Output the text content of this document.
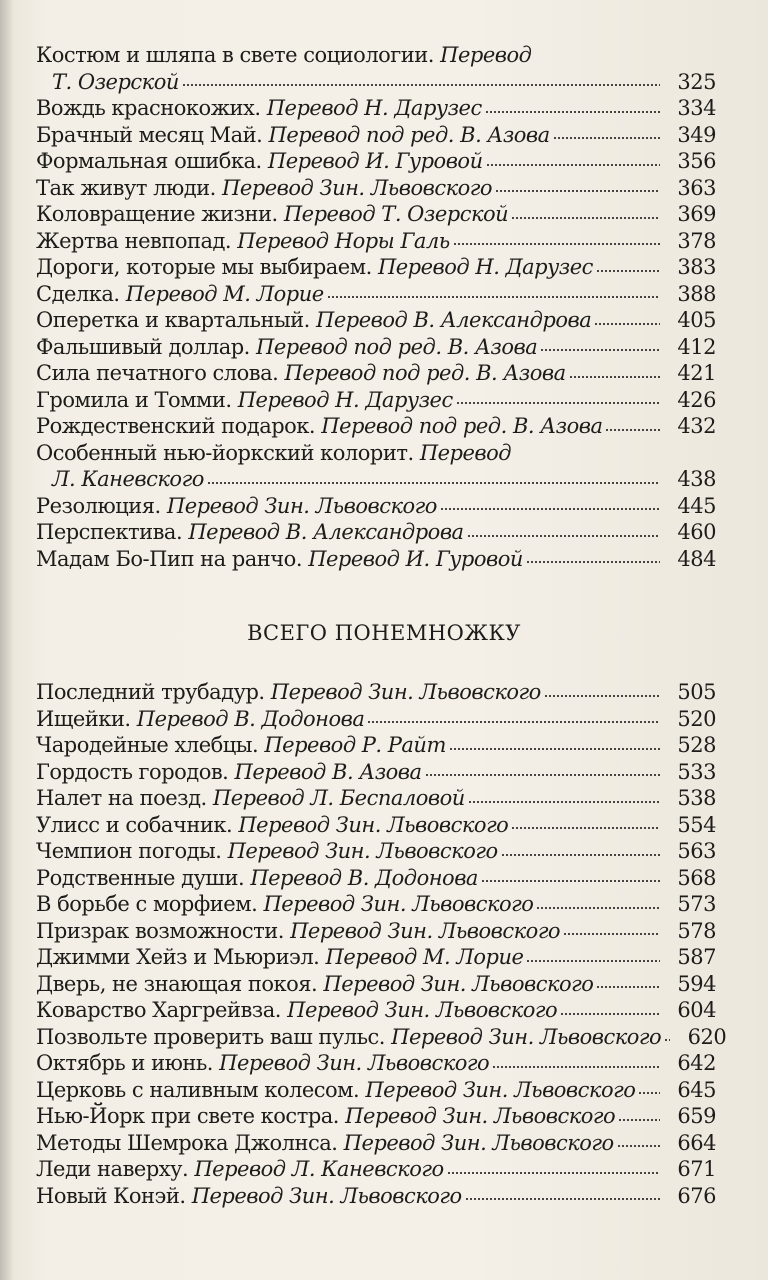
Костюм и шляпа в свете социологии. Перевод
Т. Озерской	325
Вождь краснокожих. Перевод Н. Дарузес	334
Брачный месяц Май. Перевод под ред. В. Азова	349
Формальная ошибка. Перевод И. Гуровой	356
Так живут люди. Перевод Зин. Львовского	363
Коловращение жизни. Перевод Т. Озерской	369
Жертва невпопад. Перевод Норы Галь	378
Дороги, которые мы выбираем. Перевод Н. Дарузес	383
Сделка. Перевод М. Лорие	388
Оперетка и квартальный. Перевод В. Александрова	405
Фальшивый доллар. Перевод под ред. В. Азова	412
Сила печатного слова. Перевод под ред. В. Азова	421
Громила и Томми. Перевод Н. Дарузес	426
Рождественский подарок. Перевод под ред. В. Азова	432
Особенный нью-йоркский колорит. Перевод
Л. Каневского	438
Резолюция. Перевод Зин. Львовского	445
Перспектива. Перевод В. Александрова	460
Мадам Бо-Пип на ранчо. Перевод И. Гуровой	484
ВСЕГО ПОНЕМНОЖКУ
Последний трубадур. Перевод Зин. Львовского	505
Ищейки. Перевод В. Додонова	520
Чародейные хлебцы. Перевод Р. Райт	528
Гордость городов. Перевод В. Азова	533
Налет на поезд. Перевод Л. Беспаловой	538
Улисс и собачник. Перевод Зин. Львовского	554
Чемпион погоды. Перевод Зин. Львовского	563
Родственные души. Перевод В. Додонова	568
В борьбе с морфием. Перевод Зин. Львовского	573
Призрак возможности. Перевод Зин. Львовского	578
Джимми Хейз и Мьюриэл. Перевод М. Лорие	587
Дверь, не знающая покоя. Перевод Зин. Львовского	594
Коварство Харгрейвза. Перевод Зин. Львовского	604
Позвольте проверить ваш пульс. Перевод Зин. Львовского 620
Октябрь и июнь. Перевод Зин. Львовского	642
Церковь с наливным колесом. Перевод Зин. Львовского 645
Нью-Йорк при свете костра. Перевод Зин. Львовского	659
Методы Шемрока Джолнса. Перевод Зин. Львовского	664
Леди наверху. Перевод Л. Каневского	671
Новый Конэй. Перевод Зин. Львовского	676
